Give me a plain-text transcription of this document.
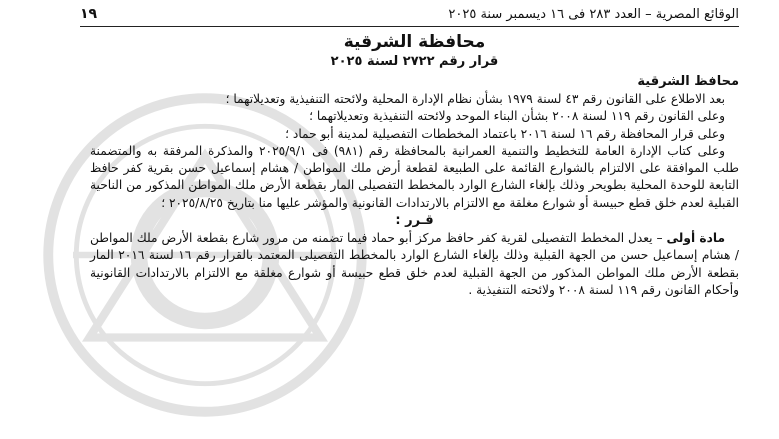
الوقائع المصرية – العدد ٢٨٣ فى ١٦ ديسمبر سنة ٢٠٢٥
١٩

محافظة الشرقية

قرار رقم ٢٧٢٢ لسنة ٢٠٢٥

محافظ الشرقية

بعد الاطلاع على القانون رقم ٤٣ لسنة ١٩٧٩ بشأن نظام الإدارة المحلية ولائحته التنفيذية وتعديلاتهما ؛

وعلى القانون رقم ١١٩ لسنة ٢٠٠٨ بشأن البناء الموحد ولائحته التنفيذية وتعديلاتهما ؛

وعلى قرار المحافظة رقم ١٦ لسنة ٢٠١٦ باعتماد المخططات التفصيلية لمدينة أبو حماد ؛

وعلى كتاب الإدارة العامة للتخطيط والتنمية العمرانية بالمحافظة رقم (٩٨١) فى ٢٠٢٥/٩/١ والمذكرة المرفقة به والمتضمنة طلب الموافقة على الالتزام بالشوارع القائمة على الطبيعة لقطعة أرض ملك المواطن / هشام إسماعيل حسن بقرية كفر حافظ التابعة للوحدة المحلية بطويحر وذلك بإلغاء الشارع الوارد بالمخطط التفصيلى المار بقطعة الأرض ملك المواطن المذكور من الناحية القبلية لعدم خلق قطع حبيسة أو شوارع مغلقة مع الالتزام بالارتدادات القانونية والمؤشر عليها منا بتاريخ ٢٠٢٥/٨/٢٥ ؛

قـرر :

مادة أولى – يعدل المخطط التفصيلى لقرية كفر حافظ مركز أبو حماد فيما تضمنه من مرور شارع بقطعة الأرض ملك المواطن / هشام إسماعيل حسن من الجهة القبلية وذلك بإلغاء الشارع الوارد بالمخطط التفصيلى المعتمد بالقرار رقم ١٦ لسنة ٢٠١٦ المار بقطعة الأرض ملك المواطن المذكور من الجهة القبلية لعدم خلق قطع حبيسة أو شوارع مغلقة مع الالتزام بالارتدادات القانونية وأحكام القانون رقم ١١٩ لسنة ٢٠٠٨ ولائحته التنفيذية .
